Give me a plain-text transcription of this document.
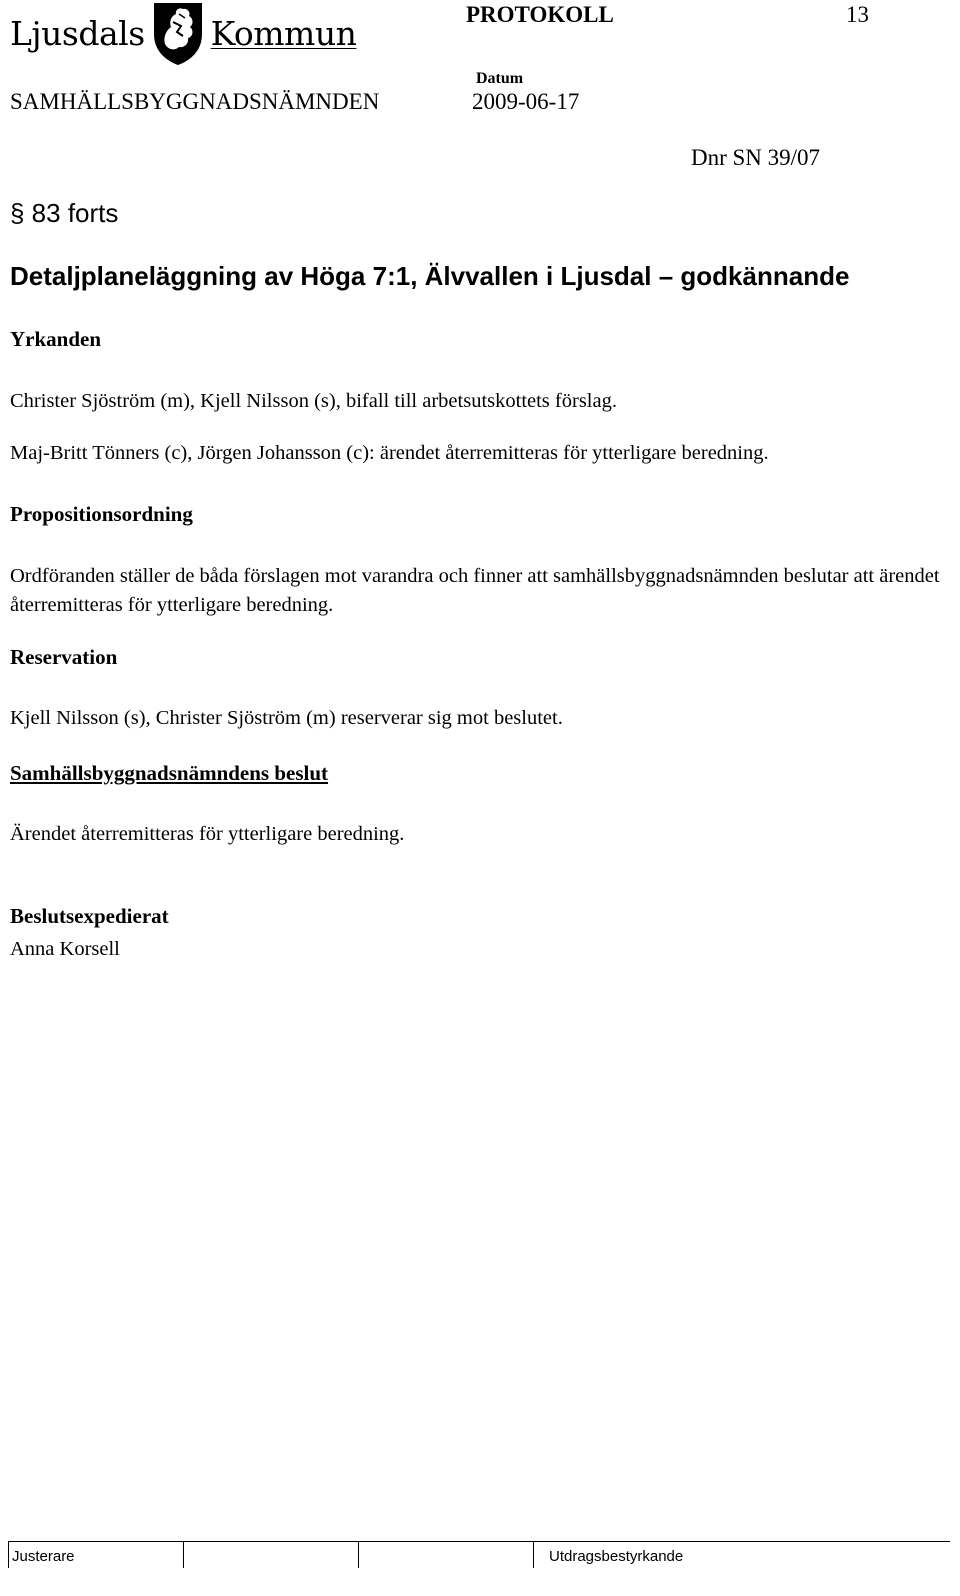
Ljusdals Kommun	PROTOKOLL	13
Datum
SAMHÄLLSBYGGNADSNÄMNDEN	2009-06-17
Dnr SN 39/07
§ 83 forts
Detaljplaneläggning av Höga 7:1, Älvvallen i Ljusdal – godkännande
Yrkanden
Christer Sjöström (m), Kjell Nilsson (s), bifall till arbetsutskottets förslag.
Maj-Britt Tönners (c), Jörgen Johansson (c): ärendet återremitteras för ytterligare beredning.
Propositionsordning
Ordföranden ställer de båda förslagen mot varandra och finner att samhällsbyggnadsnämnden beslutar att ärendet återremitteras för ytterligare beredning.
Reservation
Kjell Nilsson (s), Christer Sjöström (m) reserverar sig mot beslutet.
Samhällsbyggnadsnämndens beslut
Ärendet återremitteras för ytterligare beredning.
Beslutsexpedierat
Anna Korsell
Justerare	Utdragsbestyrkande
